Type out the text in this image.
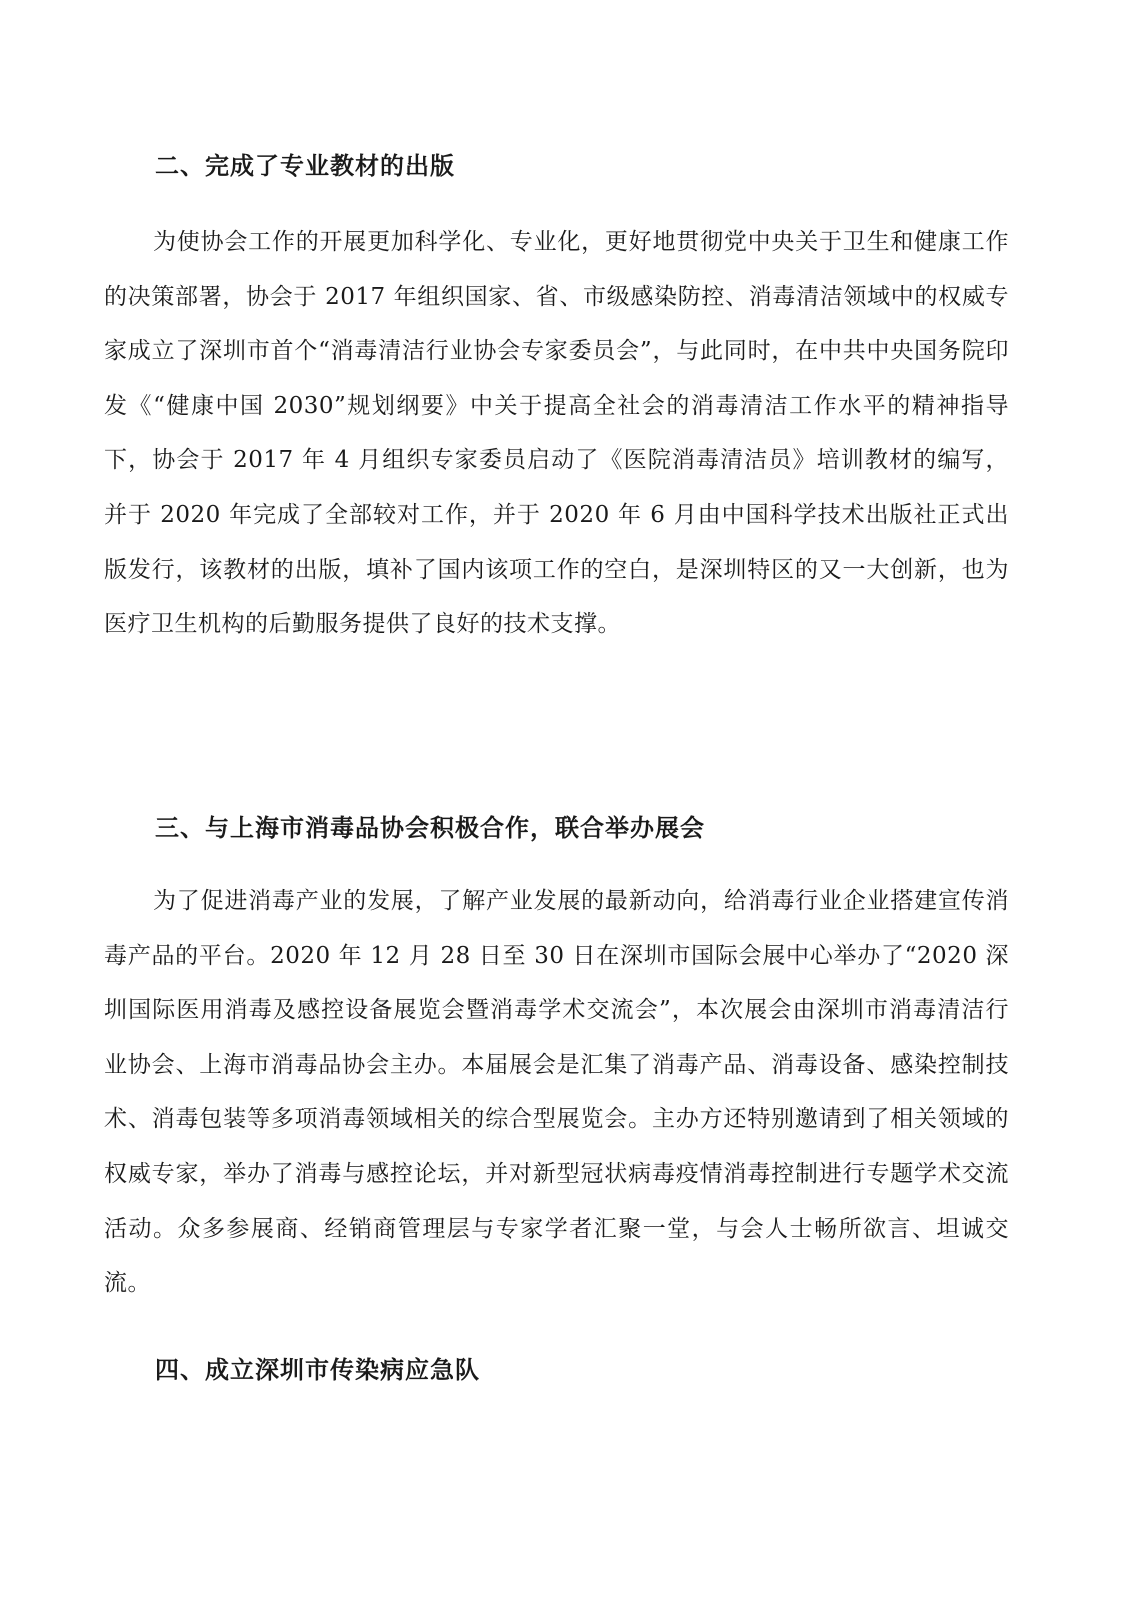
二、完成了专业教材的出版
为使协会工作的开展更加科学化、专业化，更好地贯彻党中央关于卫生和健康工作的决策部署，协会于 2017 年组织国家、省、市级感染防控、消毒清洁领域中的权威专家成立了深圳市首个“消毒清洁行业协会专家委员会”，与此同时，在中共中央国务院印发《“健康中国 2030”规划纲要》中关于提高全社会的消毒清洁工作水平的精神指导下，协会于 2017 年 4 月组织专家委员启动了《医院消毒清洁员》培训教材的编写，并于 2020 年完成了全部较对工作，并于 2020 年 6 月由中国科学技术出版社正式出版发行，该教材的出版，填补了国内该项工作的空白，是深圳特区的又一大创新，也为医疗卫生机构的后勤服务提供了良好的技术支撑。
三、与上海市消毒品协会积极合作，联合举办展会
为了促进消毒产业的发展，了解产业发展的最新动向，给消毒行业企业搭建宣传消毒产品的平台。2020 年 12 月 28 日至 30 日在深圳市国际会展中心举办了“2020 深圳国际医用消毒及感控设备展览会暨消毒学术交流会”，本次展会由深圳市消毒清洁行业协会、上海市消毒品协会主办。本届展会是汇集了消毒产品、消毒设备、感染控制技术、消毒包装等多项消毒领域相关的综合型展览会。主办方还特别邀请到了相关领域的权威专家，举办了消毒与感控论坛，并对新型冠状病毒疫情消毒控制进行专题学术交流活动。众多参展商、经销商管理层与专家学者汇聚一堂，与会人士畅所欲言、坦诚交流。
四、成立深圳市传染病应急队
